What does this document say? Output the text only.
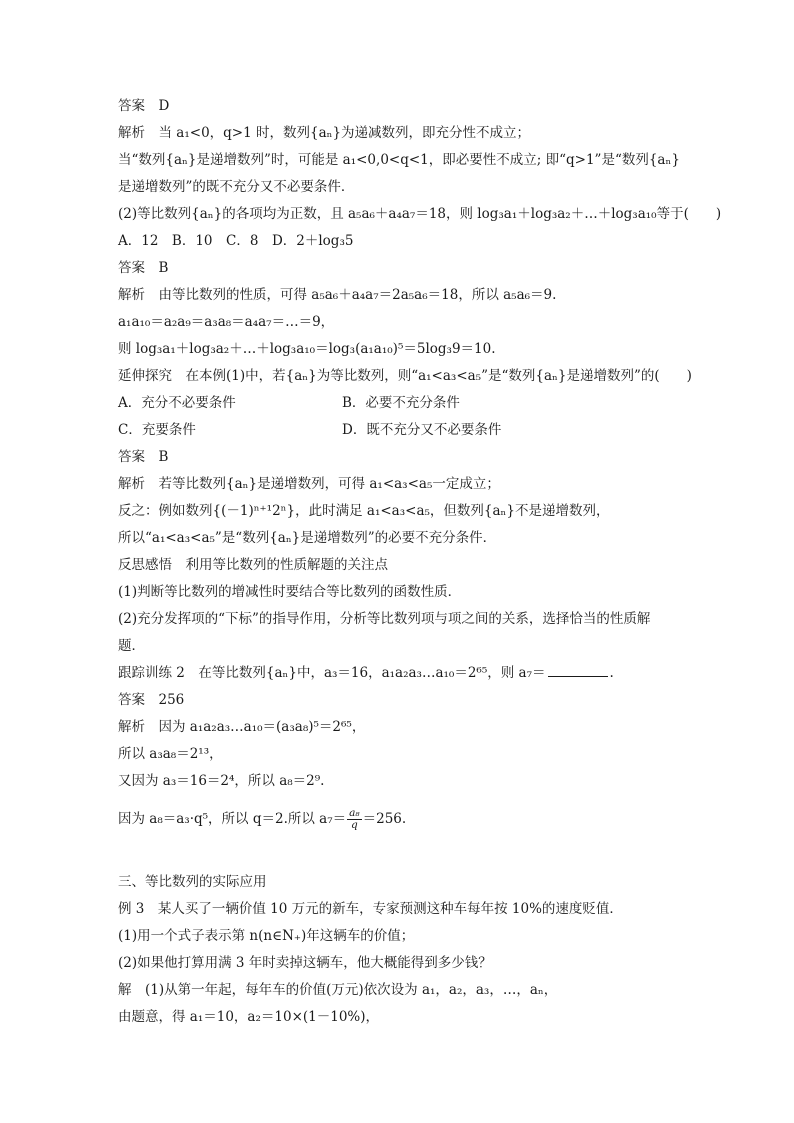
答案　D
解析　当 a₁<0，q>1 时，数列{aₙ}为递减数列，即充分性不成立；
当“数列{aₙ}是递增数列”时，可能是 a₁<0,0<q<1，即必要性不成立; 即“q>1”是“数列{aₙ}
是递增数列”的既不充分又不必要条件．
(2)等比数列{aₙ}的各项均为正数，且 a₅a₆＋a₄a₇＝18，则 log₃a₁＋log₃a₂＋…＋log₃a₁₀等于(　　)
A．12　B．10　C．8　D．2＋log₃5
答案　B
解析　由等比数列的性质，可得 a₅a₆＋a₄a₇＝2a₅a₆＝18，所以 a₅a₆＝9.
a₁a₁₀＝a₂a₉＝a₃a₈＝a₄a₇＝…＝9，
则 log₃a₁＋log₃a₂＋…＋log₃a₁₀＝log₃(a₁a₁₀)⁵＝5log₃9＝10.
延伸探究　在本例(1)中，若{aₙ}为等比数列，则“a₁<a₃<a₅”是“数列{aₙ}是递增数列”的(　　)
A．充分不必要条件	B．必要不充分条件
C．充要条件	D．既不充分又不必要条件
答案　B
解析　若等比数列{aₙ}是递增数列，可得 a₁<a₃<a₅一定成立；
反之：例如数列{(－1)ⁿ⁺¹2ⁿ}，此时满足 a₁<a₃<a₅，但数列{aₙ}不是递增数列，
所以“a₁<a₃<a₅”是“数列{aₙ}是递增数列”的必要不充分条件．
反思感悟　利用等比数列的性质解题的关注点
(1)判断等比数列的增减性时要结合等比数列的函数性质．
(2)充分发挥项的“下标”的指导作用，分析等比数列项与项之间的关系，选择恰当的性质解
题．
跟踪训练 2　在等比数列{aₙ}中，a₃＝16，a₁a₂a₃…a₁₀＝2⁶⁵，则 a₇＝	.
答案　256
解析　因为 a₁a₂a₃…a₁₀＝(a₃a₈)⁵＝2⁶⁵，
所以 a₃a₈＝2¹³，
又因为 a₃＝16＝2⁴，所以 a₈＝2⁹.
因为 a₈＝a₃·q⁵，所以 q＝2.所以 $a_7= \frac{\text{a₈}}{q} =256$.
三、等比数列的实际应用
例 3　某人买了一辆价值 10 万元的新车，专家预测这种车每年按 10%的速度贬值．
(1)用一个式子表示第 n(n∈N₊)年这辆车的价值；
(2)如果他打算用满 3 年时卖掉这辆车，他大概能得到多少钱？
解　(1)从第一年起，每年车的价值(万元)依次设为 a₁，a₂，a₃，…，aₙ，
由题意，得 a₁＝10，a₂＝10×(1－10%)，
